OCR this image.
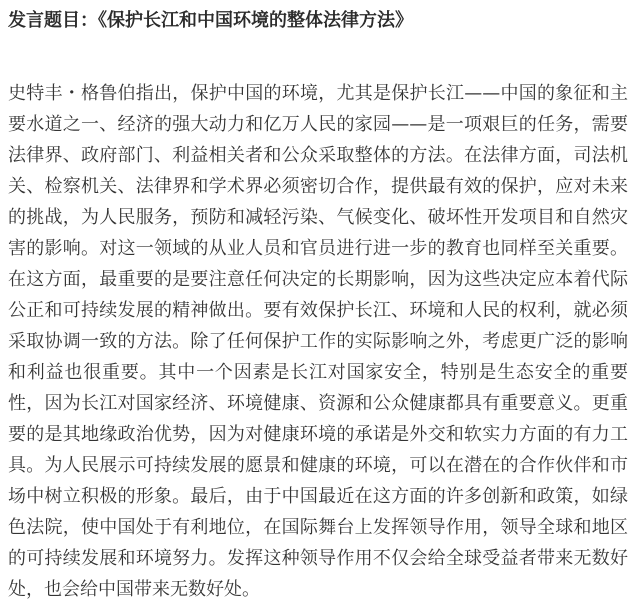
发言题目：《保护长江和中国环境的整体法律方法》

史特丰・格鲁伯指出，保护中国的环境，尤其是保护长江——中国的象征和主要水道之一、经济的强大动力和亿万人民的家园——是一项艰巨的任务，需要法律界、政府部门、利益相关者和公众采取整体的方法。在法律方面，司法机关、检察机关、法律界和学术界必须密切合作，提供最有效的保护，应对未来的挑战，为人民服务，预防和减轻污染、气候变化、破坏性开发项目和自然灾害的影响。对这一领域的从业人员和官员进行进一步的教育也同样至关重要。在这方面，最重要的是要注意任何决定的长期影响，因为这些决定应本着代际公正和可持续发展的精神做出。要有效保护长江、环境和人民的权利，就必须采取协调一致的方法。除了任何保护工作的实际影响之外，考虑更广泛的影响和利益也很重要。其中一个因素是长江对国家安全，特别是生态安全的重要性，因为长江对国家经济、环境健康、资源和公众健康都具有重要意义。更重要的是其地缘政治优势，因为对健康环境的承诺是外交和软实力方面的有力工具。为人民展示可持续发展的愿景和健康的环境，可以在潜在的合作伙伴和市场中树立积极的形象。最后，由于中国最近在这方面的许多创新和政策，如绿色法院，使中国处于有利地位，在国际舞台上发挥领导作用，领导全球和地区的可持续发展和环境努力。发挥这种领导作用不仅会给全球受益者带来无数好处，也会给中国带来无数好处。
